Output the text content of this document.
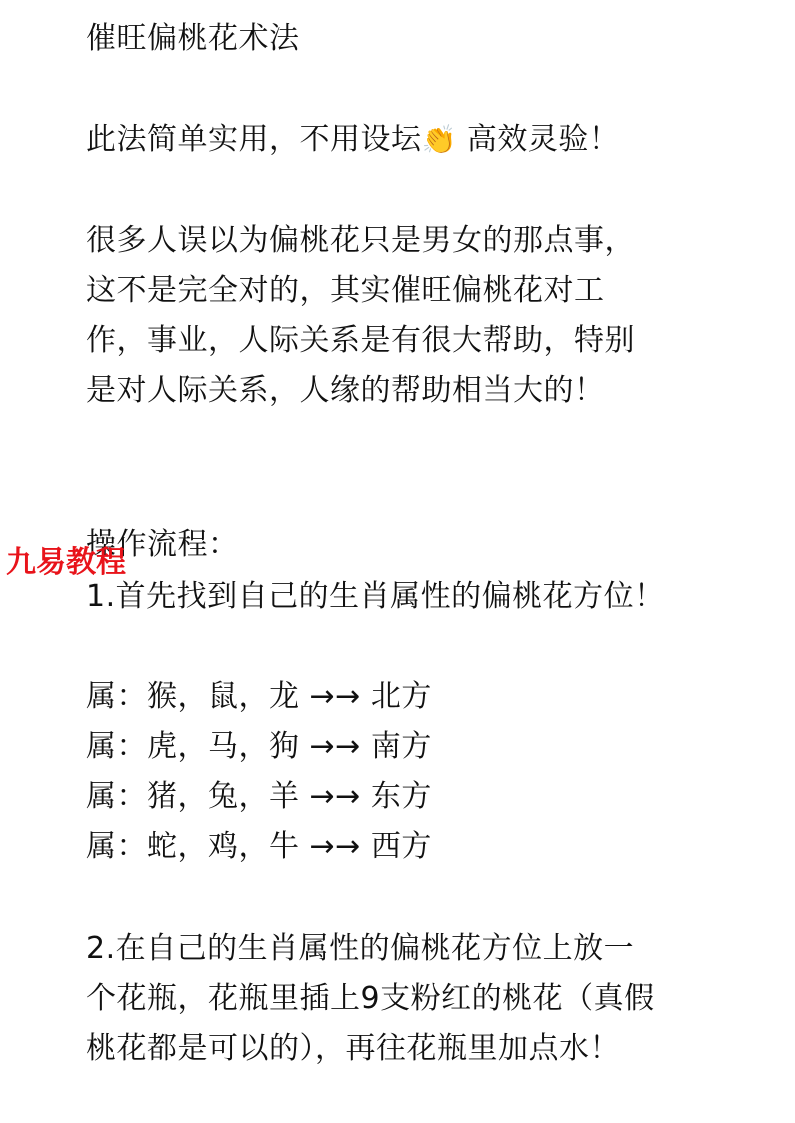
催旺偏桃花术法
此法简单实用，不用设坛👏 高效灵验！
很多人误以为偏桃花只是男女的那点事，
这不是完全对的，其实催旺偏桃花对工
作，事业，人际关系是有很大帮助，特别
是对人际关系，人缘的帮助相当大的！
操作流程：
1.首先找到自己的生肖属性的偏桃花方位！
属：猴，鼠，龙 →→ 北方
属：虎，马，狗 →→ 南方
属：猪，兔，羊 →→ 东方
属：蛇，鸡，牛 →→ 西方
2.在自己的生肖属性的偏桃花方位上放一
个花瓶，花瓶里插上9支粉红的桃花（真假
桃花都是可以的），再往花瓶里加点水！
九易教程
